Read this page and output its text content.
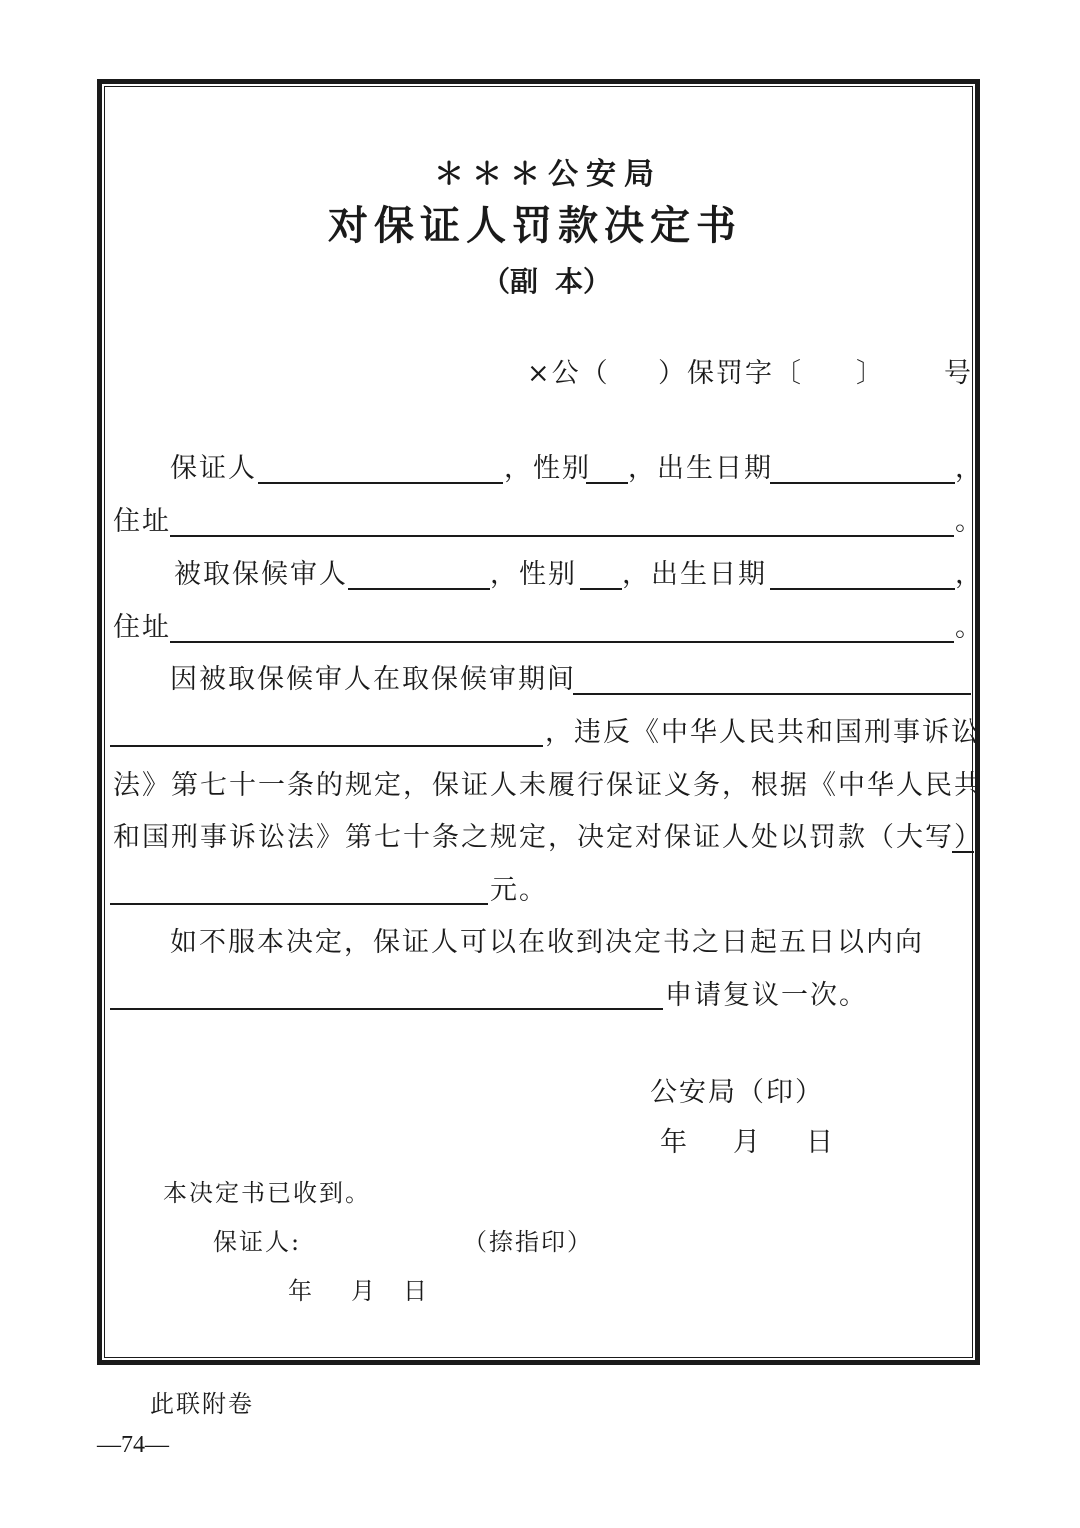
＊＊＊公安局
对保证人罚款决定书
（副 本）
×公（ ）保罚字〔 〕 号
保证人	，性别 ，出生日期	，
住址	。
被取保候审人	，性别 ，出生日期	，
住址	。
因被取保候审人在取保候审期间
，违反《中华人民共和国刑事诉讼
法》第七十一条的规定，保证人未履行保证义务，根据《中华人民共
和国刑事诉讼法》第七十条之规定，决定对保证人处以罚款（大写）
元。
如不服本决定，保证人可以在收到决定书之日起五日以内向
申请复议一次。
公安局（印）
年 月 日
本决定书已收到。
保证人:	（捺指印）
年 月 日
此联附卷
—74—
